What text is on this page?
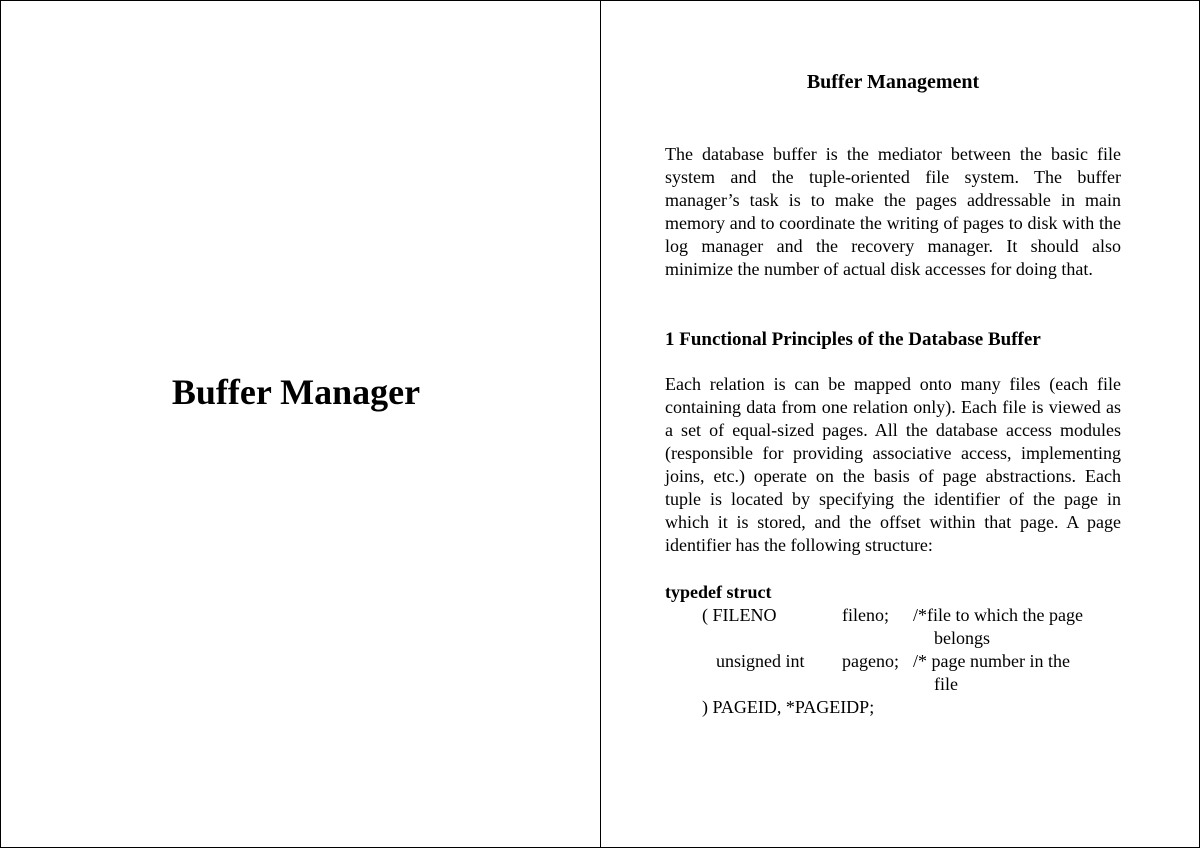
Buffer Manager
Buffer Management

The database buffer is the mediator between the basic file system and the tuple-oriented file system. The buffer manager’s task is to make the pages addressable in main memory and to coordinate the writing of pages to disk with the log manager and the recovery manager. It should also minimize the number of actual disk accesses for doing that.

1 Functional Principles of the Database Buffer

Each relation is can be mapped onto many files (each file containing data from one relation only). Each file is viewed as a set of equal-sized pages. All the database access modules (responsible for providing associative access, implementing joins, etc.) operate on the basis of page abstractions. Each tuple is located by specifying the identifier of the page in which it is stored, and the offset within that page. A page identifier has the following structure:

typedef struct

( FILENO	fileno; /*file to which the page
belongs
unsigned int pageno; /* page number in the
file
) PAGEID, *PAGEIDP;
